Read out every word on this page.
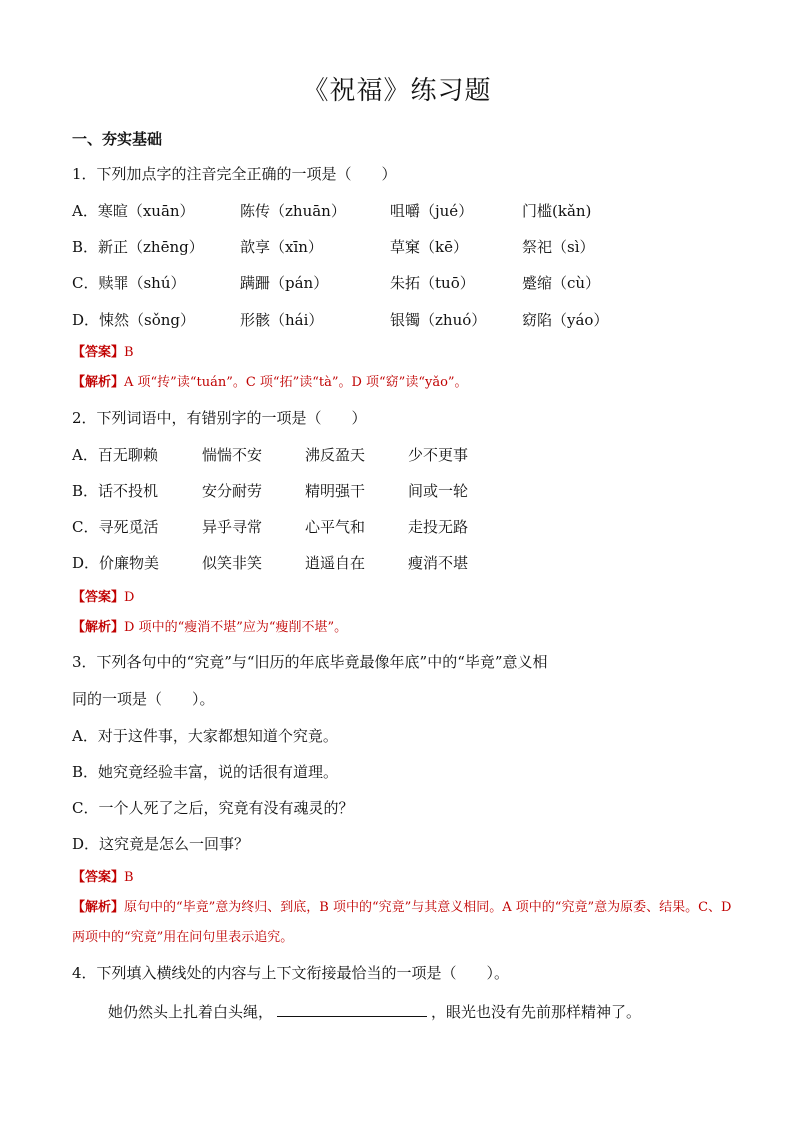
《祝福》练习题
一、夯实基础
1．下列加点字的注音完全正确的一项是（　　）
A．寒暄（xuān）	陈传（zhuān）	咀嚼（jué）	门槛(kǎn)
B．新正（zhēng） 歆享（xīn）	草窠（kē）	祭祀（sì）
C．赎罪（shú）	蹒跚（pán）	朱拓（tuō）	蹙缩（cù）
D．悚然（sǒng）	形骸（hái）	银镯（zhuó） 窈陷（yáo）
【答案】B
【解析】A 项“抟”读“tuán”。C 项“拓”读“tà”。D 项“窈”读“yǎo”。
2．下列词语中，有错别字的一项是（　　）
A．百无聊赖	惴惴不安	沸反盈天	少不更事
B．话不投机	安分耐劳	精明强干	间或一轮
C．寻死觅活	异乎寻常	心平气和	走投无路
D．价廉物美	似笑非笑	逍遥自在	瘦消不堪
【答案】D
【解析】D 项中的“瘦消不堪”应为“瘦削不堪”。
3．下列各句中的“究竟”与“旧历的年底毕竟最像年底”中的“毕竟”意义相
同的一项是（　　）。
A．对于这件事，大家都想知道个究竟。
B．她究竟经验丰富，说的话很有道理。
C．一个人死了之后，究竟有没有魂灵的？
D．这究竟是怎么一回事？
【答案】B
【解析】原句中的“毕竟”意为终归、到底，B 项中的“究竟”与其意义相同。A 项中的“究竟”意为原委、结果。C、D 两项中的“究竟”用在问句里表示追究。
4．下列填入横线处的内容与上下文衔接最恰当的一项是（　　）。
她仍然头上扎着白头绳，	，眼光也没有先前那样精神了。
